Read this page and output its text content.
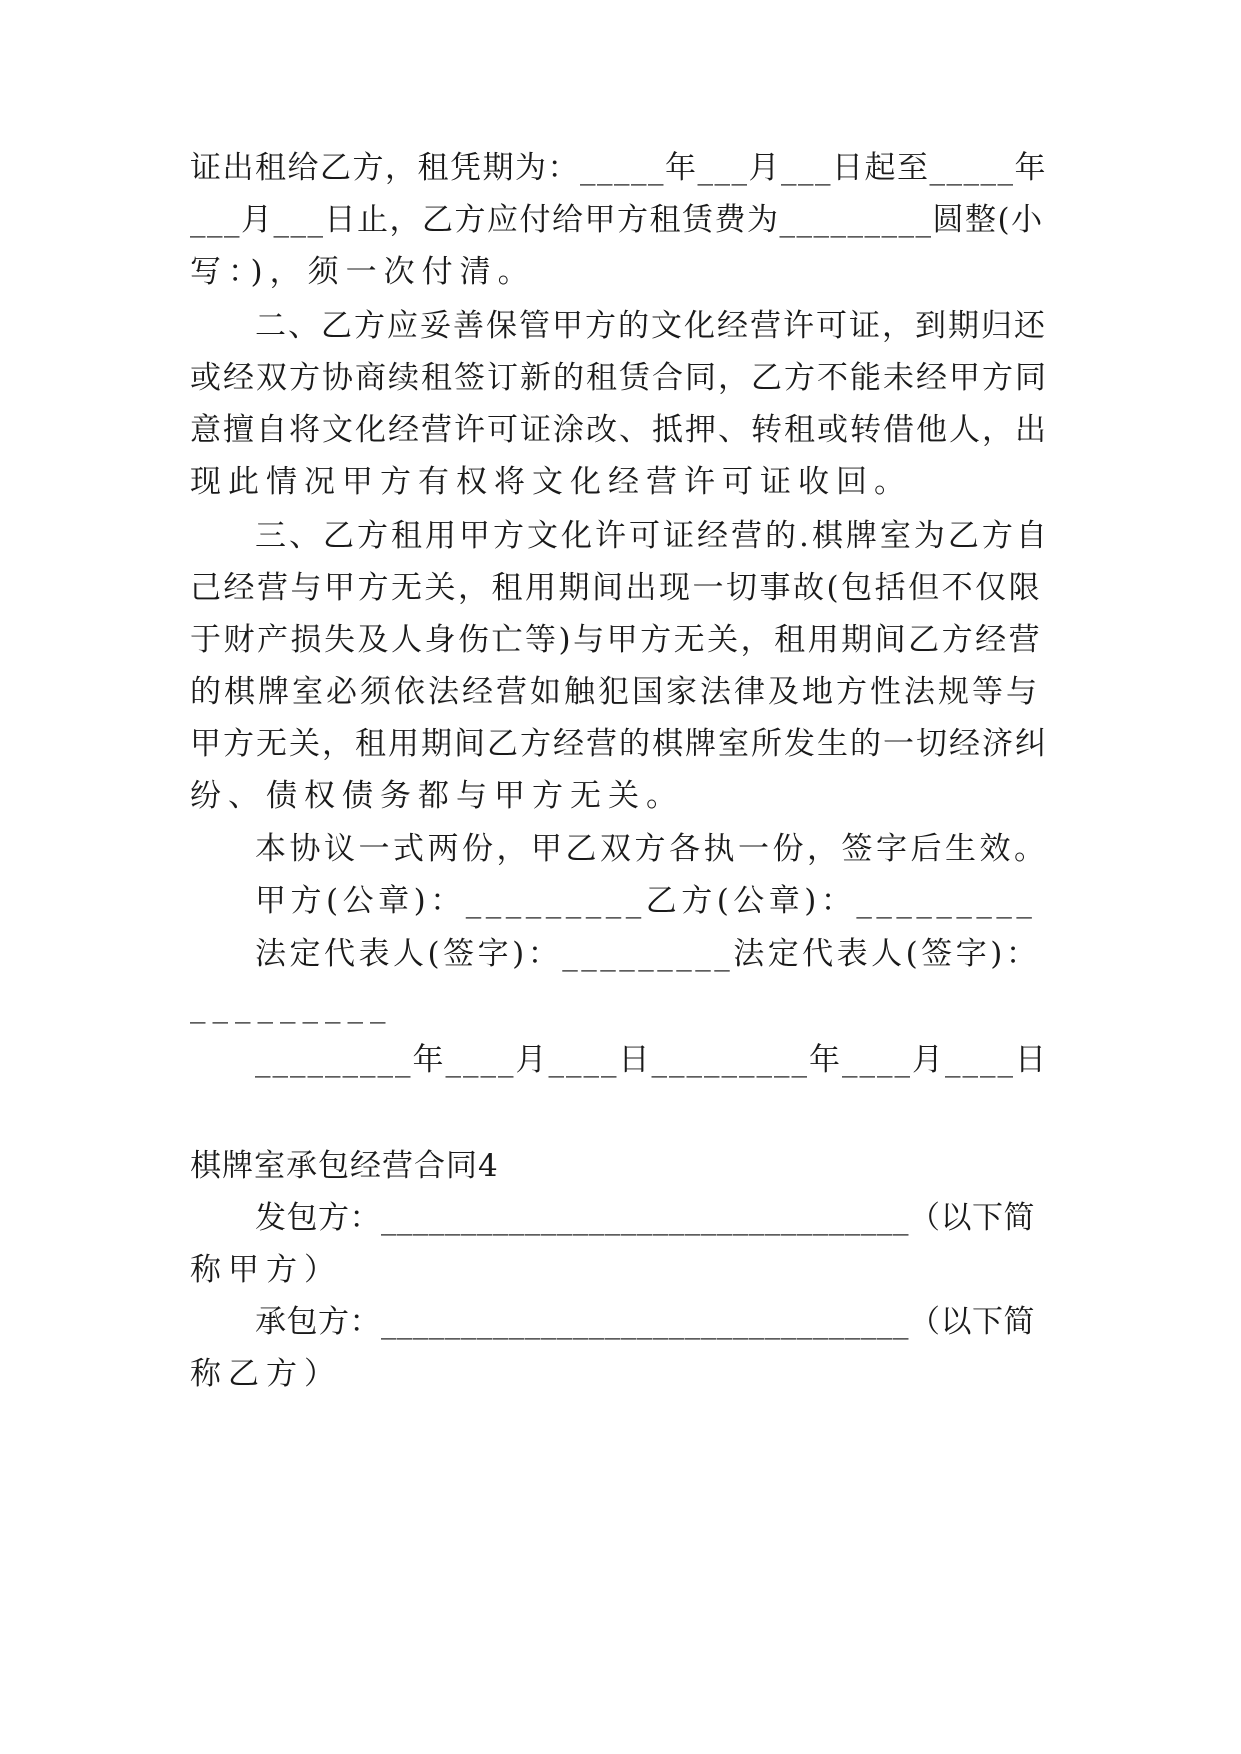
证出租给乙方，租凭期为：_____年___月___日起至_____年
___月___日止，乙方应付给甲方租赁费为_________圆整(小
写：)，须一次付清。
二、乙方应妥善保管甲方的文化经营许可证，到期归还
或经双方协商续租签订新的租赁合同，乙方不能未经甲方同
意擅自将文化经营许可证涂改、抵押、转租或转借他人，出
现此情况甲方有权将文化经营许可证收回。
三、乙方租用甲方文化许可证经营的.棋牌室为乙方自
己经营与甲方无关，租用期间出现一切事故(包括但不仅限
于财产损失及人身伤亡等)与甲方无关，租用期间乙方经营
的棋牌室必须依法经营如触犯国家法律及地方性法规等与
甲方无关，租用期间乙方经营的棋牌室所发生的一切经济纠
纷、债权债务都与甲方无关。
本协议一式两份，甲乙双方各执一份，签字后生效。
甲方(公章)：_________乙方(公章)：_________
法定代表人(签字)：_________法定代表人(签字)：
_________
_________年____月____日_________年____月____日
棋牌室承包经营合同4
发包方：_________________________________（以下简
称甲方）
承包方：_________________________________（以下简
称乙方）
